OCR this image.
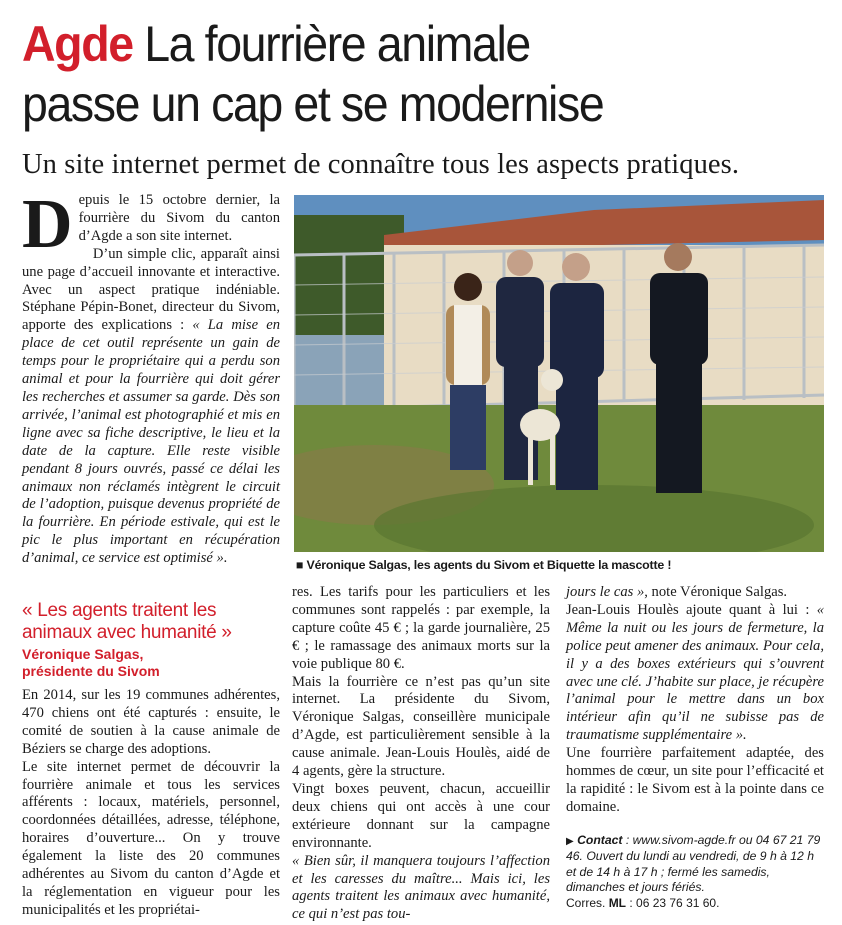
Agde La fourrière animale
passe un cap et se modernise
Un site internet permet de connaître tous les aspects pratiques.

Depuis le 15 octobre dernier, la fourrière du Sivom du canton d’Agde a son site internet.
D’un simple clic, apparaît ainsi une page d’accueil innovante et interactive. Avec un aspect pratique indéniable. Stéphane Pépin-Bonet, directeur du Sivom, apporte des explications : « La mise en place de cet outil représente un gain de temps pour le propriétaire qui a perdu son animal et pour la fourrière qui doit gérer les recherches et assumer sa garde. Dès son arrivée, l’animal est photographié et mis en ligne avec sa fiche descriptive, le lieu et la date de la capture. Elle reste visible pendant 8 jours ouvrés, passé ce délai les animaux non réclamés intègrent le circuit de l’adoption, puisque devenus propriété de la fourrière. En période estivale, qui est le pic le plus important en récupération d’animal, ce service est optimisé ».

« Les agents traitent les animaux avec humanité »

Véronique Salgas,
présidente du Sivom

En 2014, sur les 19 communes adhérentes, 470 chiens ont été capturés : ensuite, le comité de soutien à la cause animale de Béziers se charge des adoptions.

Le site internet permet de découvrir la fourrière animale et tous les services afférents : locaux, matériels, personnel, coordonnées détaillées, adresse, téléphone, horaires d’ouverture... On y trouve également la liste des 20 communes adhérentes au Sivom du canton d’Agde et la réglementation en vigueur pour les municipalités et les propriétai-

■ Véronique Salgas, les agents du Sivom et Biquette la mascotte !

res. Les tarifs pour les particuliers et les communes sont rappelés : par exemple, la capture coûte 45 € ; la garde journalière, 25 € ; le ramassage des animaux morts sur la voie publique 80 €.

Mais la fourrière ce n’est pas qu’un site internet. La présidente du Sivom, Véronique Salgas, conseillère municipale d’Agde, est particulièrement sensible à la cause animale. Jean-Louis Houlès, aidé de 4 agents, gère la structure.

Vingt boxes peuvent, chacun, accueillir deux chiens qui ont accès à une cour extérieure donnant sur la campagne environnante.

« Bien sûr, il manquera toujours l’affection et les caresses du maître... Mais ici, les agents traitent les animaux avec humanité, ce qui n’est pas tou-

jours le cas », note Véronique Salgas.

Jean-Louis Houlès ajoute quant à lui : « Même la nuit ou les jours de fermeture, la police peut amener des animaux. Pour cela, il y a des boxes extérieurs qui s’ouvrent avec une clé. J’habite sur place, je récupère l’animal pour le mettre dans un box intérieur afin qu’il ne subisse pas de traumatisme supplémentaire ».

Une fourrière parfaitement adaptée, des hommes de cœur, un site pour l’efficacité et la rapidité : le Sivom est à la pointe dans ce domaine.

▶ Contact : www.sivom-agde.fr ou 04 67 21 79 46. Ouvert du lundi au vendredi, de 9 h à 12 h et de 14 h à 17 h ; fermé les samedis, dimanches et jours fériés.
Corres. ML : 06 23 76 31 60.
